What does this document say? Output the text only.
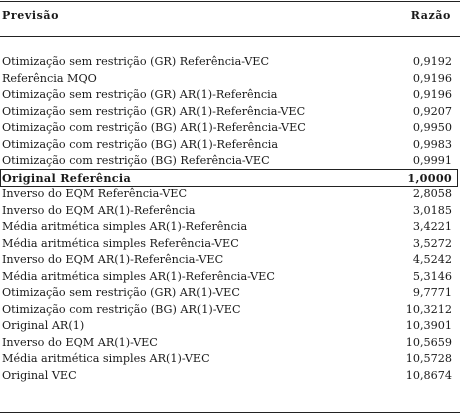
Previsão	Razão
Otimização sem restrição (GR) Referência-VEC	0,9192
Referência MQO	0,9196
Otimização sem restrição (GR) AR(1)-Referência	0,9196
Otimização sem restrição (GR) AR(1)-Referência-VEC	0,9207
Otimização com restrição (BG) AR(1)-Referência-VEC	0,9950
Otimização com restrição (BG) AR(1)-Referência	0,9983
Otimização com restrição (BG) Referência-VEC	0,9991
Original Referência	1,0000
Inverso do EQM Referência-VEC	2,8058
Inverso do EQM AR(1)-Referência	3,0185
Média aritmética simples AR(1)-Referência	3,4221
Média aritmética simples Referência-VEC	3,5272
Inverso do EQM AR(1)-Referência-VEC	4,5242
Média aritmética simples AR(1)-Referência-VEC	5,3146
Otimização sem restrição (GR) AR(1)-VEC	9,7771
Otimização com restrição (BG) AR(1)-VEC	10,3212
Original AR(1)	10,3901
Inverso do EQM AR(1)-VEC	10,5659
Média aritmética simples AR(1)-VEC	10,5728
Original VEC	10,8674
